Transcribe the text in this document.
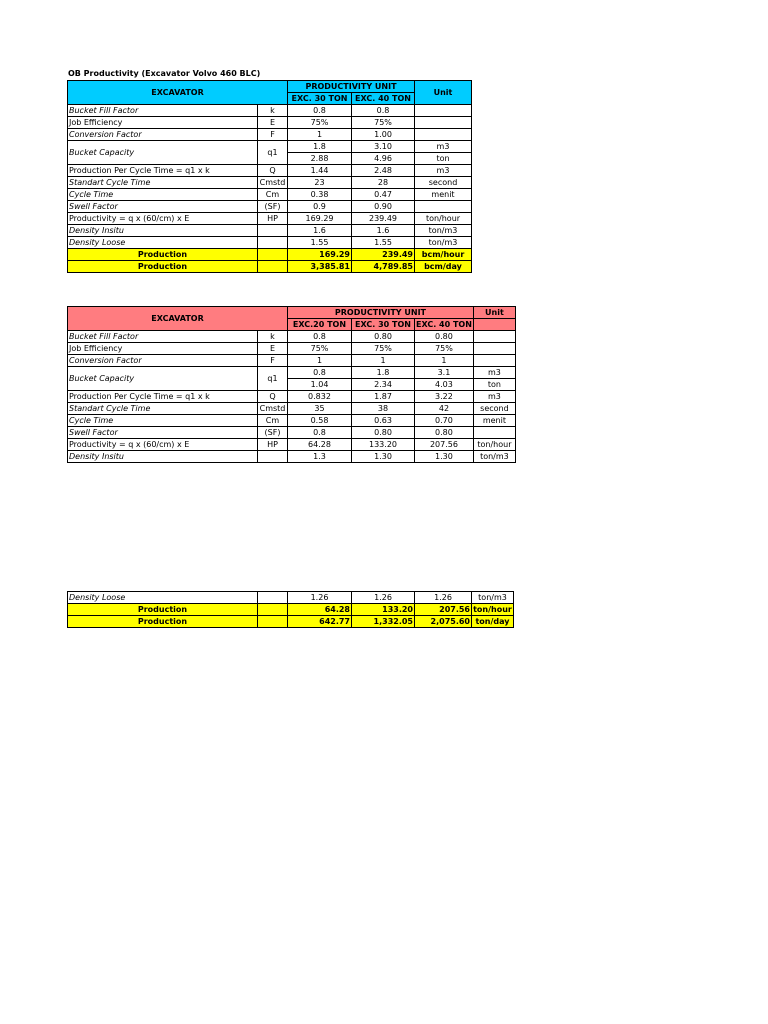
OB Productivity (Excavator Volvo 460 BLC)
EXCAVATOR		PRODUCTIVITY UNIT		Unit
		EXC. 30 TON	EXC. 40 TON	
Bucket Fill Factor	k	0.8	0.8	
Job Efficiency	E	75%	75%	
Conversion Factor	F	1	1.00	
Bucket Capacity	q1	1.8	3.10	m3
		2.88	4.96	ton
Production Per Cycle Time = q1 x k	Q	1.44	2.48	m3
Standart Cycle Time	Cmstd	23	28	second
Cycle Time	Cm	0.38	0.47	menit
Swell Factor	(SF)	0.9	0.90	
Productivity = q x (60/cm) x E	HP	169.29	239.49	ton/hour
Density Insitu		1.6	1.6	ton/m3
Density Loose		1.55	1.55	ton/m3
Production		169.29	239.49	bcm/hour
Production		3,385.81	4,789.85	bcm/day
EXCAVATOR		PRODUCTIVITY UNIT			Unit
		EXC.20 TON	EXC. 30 TON	EXC. 40 TON	
Bucket Fill Factor	k	0.8	0.80	0.80	
Job Efficiency	E	75%	75%	75%	
Conversion Factor	F	1	1	1	
Bucket Capacity	q1	0.8	1.8	3.1	m3
		1.04	2.34	4.03	ton
Production Per Cycle Time = q1 x k	Q	0.832	1.87	3.22	m3
Standart Cycle Time	Cmstd	35	38	42	second
Cycle Time	Cm	0.58	0.63	0.70	menit
Swell Factor	(SF)	0.8	0.80	0.80	
Productivity = q x (60/cm) x E	HP	64.28	133.20	207.56	ton/hour
Density Insitu		1.3	1.30	1.30	ton/m3
Density Loose		1.26	1.26	1.26	ton/m3
Production		64.28	133.20	207.56	ton/hour
Production		642.77	1,332.05	2,075.60	ton/day
